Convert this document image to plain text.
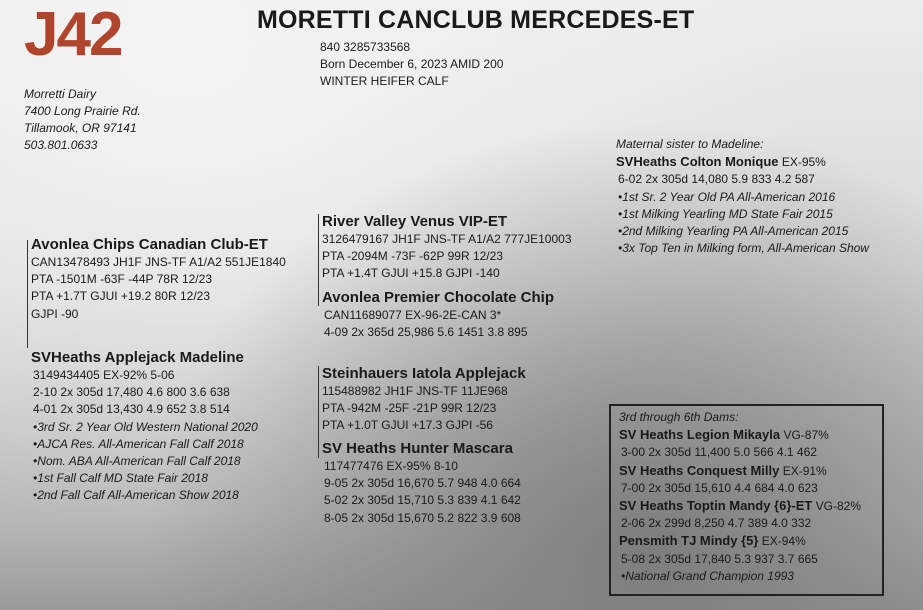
J42	MORETTI CANCLUB MERCEDES-ET
840 3285733568
Born December 6, 2023 AMID 200
WINTER HEIFER CALF
Morretti Dairy
7400 Long Prairie Rd.
Tillamook, OR 97141
503.801.0633
Avonlea Chips Canadian Club-ET
CAN13478493 JH1F JNS-TF A1/A2 551JE1840
PTA -1501M -63F -44P 78R 12/23
PTA +1.7T GJUI +19.2 80R 12/23
GJPI -90
SVHeaths Applejack Madeline
3149434405 EX-92% 5-06
2-10 2x 305d 17,480 4.6 800 3.6 638
4-01 2x 305d 13,430 4.9 652 3.8 514
•3rd Sr. 2 Year Old Western National 2020
•AJCA Res. All-American Fall Calf 2018
•Nom. ABA All-American Fall Calf 2018
•1st Fall Calf MD State Fair 2018
•2nd Fall Calf All-American Show 2018
River Valley Venus VIP-ET
3126479167 JH1F JNS-TF A1/A2 777JE10003
PTA -2094M -73F -62P 99R 12/23
PTA +1.4T GJUI +15.8 GJPI -140
Avonlea Premier Chocolate Chip
CAN11689077 EX-96-2E-CAN 3*
4-09 2x 365d 25,986 5.6 1451 3.8 895
Steinhauers Iatola Applejack
115488982 JH1F JNS-TF 11JE968
PTA -942M -25F -21P 99R 12/23
PTA +1.0T GJUI +17.3 GJPI -56
SV Heaths Hunter Mascara
117477476 EX-95% 8-10
9-05 2x 305d 16,670 5.7 948 4.0 664
5-02 2x 305d 15,710 5.3 839 4.1 642
8-05 2x 305d 15,670 5.2 822 3.9 608
Maternal sister to Madeline:
SVHeaths Colton Monique EX-95%
6-02 2x 305d 14,080 5.9 833 4.2 587
•1st Sr. 2 Year Old PA All-American 2016
•1st Milking Yearling MD State Fair 2015
•2nd Milking Yearling PA All-American 2015
•3x Top Ten in Milking form, All-American Show
3rd through 6th Dams:
SV Heaths Legion Mikayla VG-87%
3-00 2x 305d 11,400 5.0 566 4.1 462
SV Heaths Conquest Milly EX-91%
7-00 2x 305d 15,610 4.4 684 4.0 623
SV Heaths Toptin Mandy {6}-ET VG-82%
2-06 2x 299d 8,250 4.7 389 4.0 332
Pensmith TJ Mindy {5} EX-94%
5-08 2x 305d 17,840 5.3 937 3.7 665
•National Grand Champion 1993
